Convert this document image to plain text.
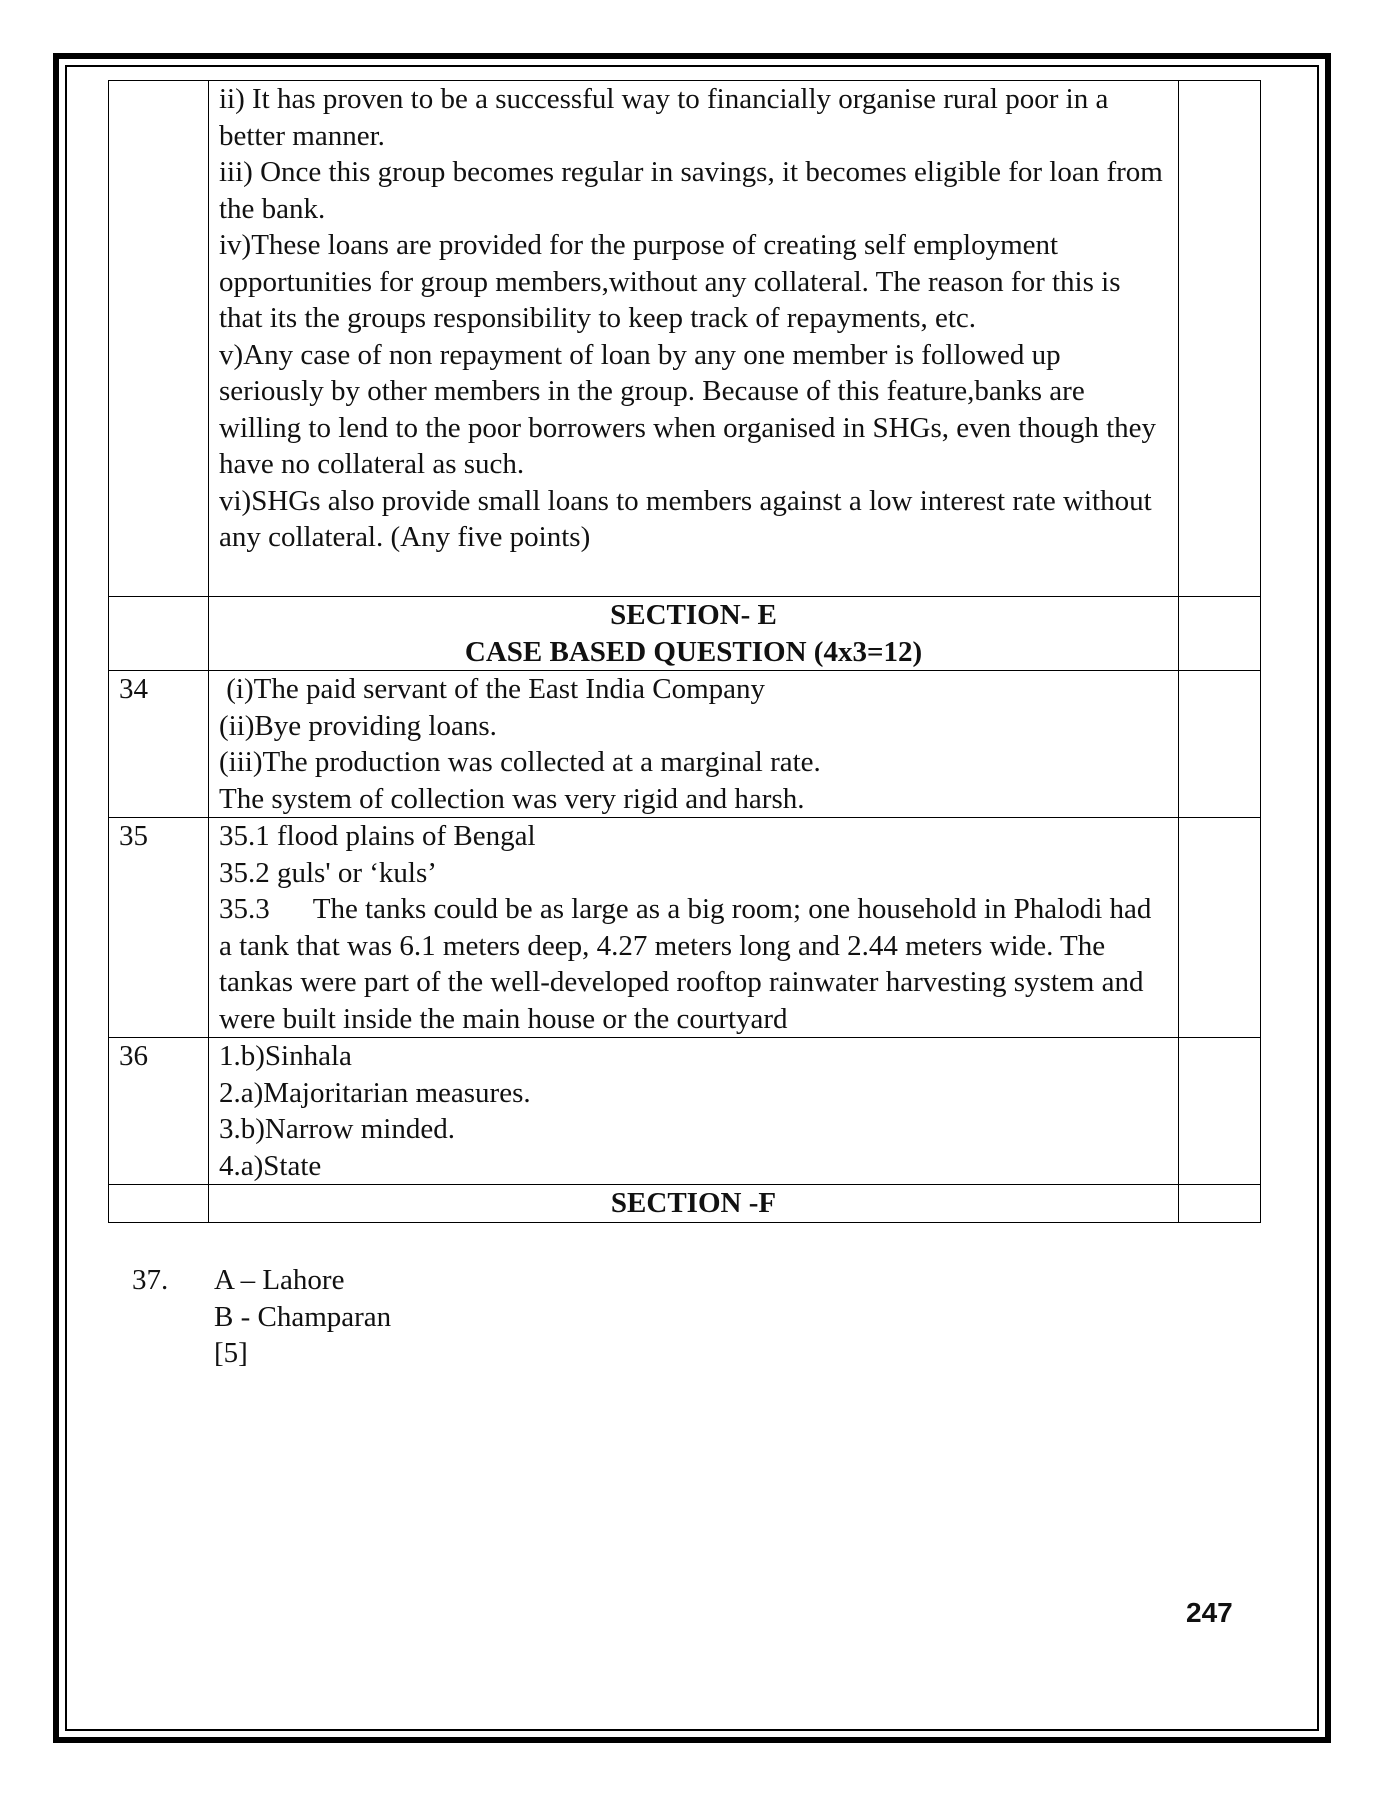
	ii) It has proven to be a successful way to financially organise rural poor in a better manner.

iii) Once this group becomes regular in savings, it becomes eligible for loan from the bank.

iv)These loans are provided for the purpose of creating self employment opportunities for group members,without any collateral. The reason for this is that its the groups responsibility to keep track of repayments, etc.

v)Any case of non repayment of loan by any one member is followed up seriously by other members in the group. Because of this feature,banks are willing to lend to the poor borrowers when organised in SHGs, even though they have no collateral as such.

vi)SHGs also provide small loans to members against a low interest rate without any collateral. (Any five points)	

	SECTION- E
CASE BASED QUESTION (4x3=12)	

34	(i)The paid servant of the East India Company

(ii)Bye providing loans.

(iii)The production was collected at a marginal rate.

The system of collection was very rigid and harsh.	

35	35.1 flood plains of Bengal

35.2 guls' or ‘kuls’

35.3      The tanks could be as large as a big room; one household in Phalodi had a tank that was 6.1 meters deep, 4.27 meters long and 2.44 meters wide. The tankas were part of the well-developed rooftop rainwater harvesting system and were built inside the main house or the courtyard	

36	1.b)Sinhala

2.a)Majoritarian measures.

3.b)Narrow minded.

4.a)State	

	SECTION -F	
37.	A – Lahore
B - Champaran
[5]
247
